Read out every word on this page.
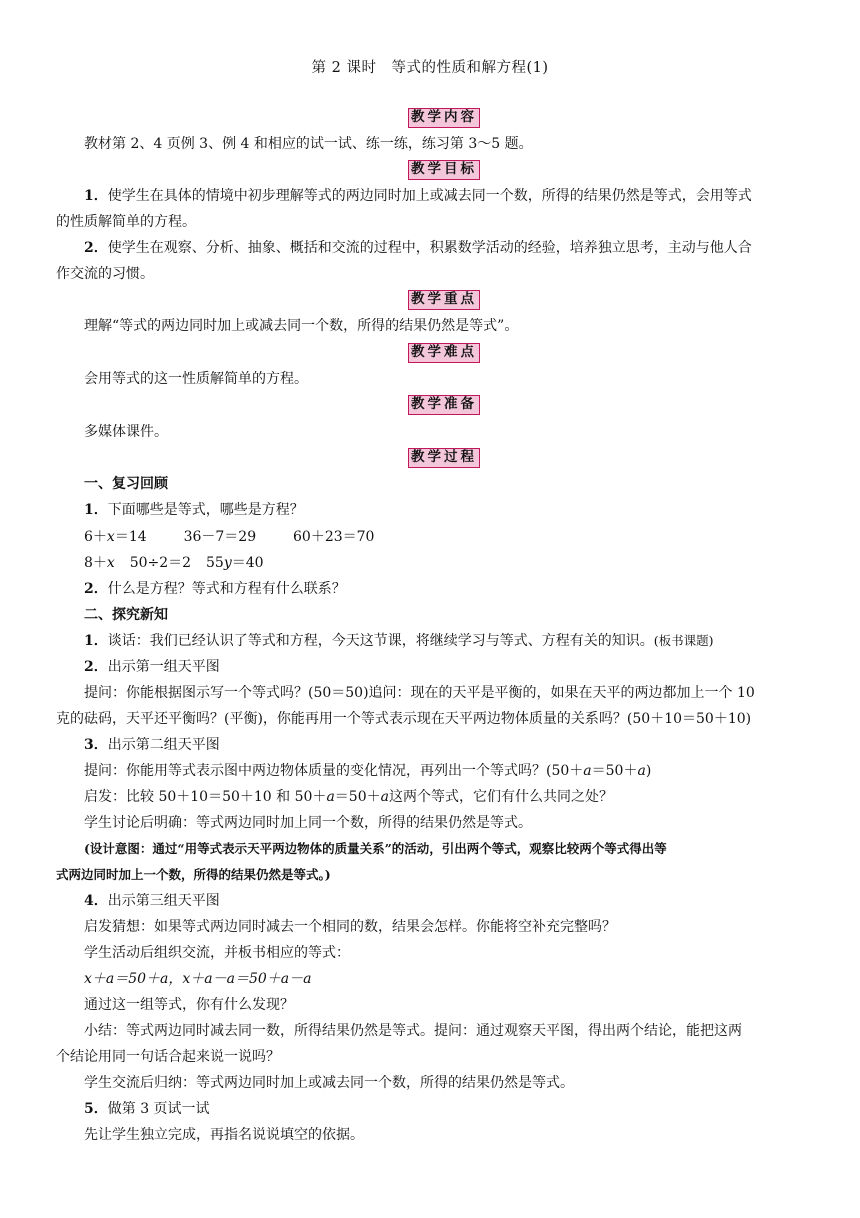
第 2 课时　等式的性质和解方程(1)
教学内容
教材第 2、4 页例 3、例 4 和相应的试一试、练一练，练习第 3～5 题。
教学目标
1．使学生在具体的情境中初步理解等式的两边同时加上或减去同一个数，所得的结果仍然是等式，会用等式
的性质解简单的方程。
2．使学生在观察、分析、抽象、概括和交流的过程中，积累数学活动的经验，培养独立思考，主动与他人合
作交流的习惯。
教学重点
理解“等式的两边同时加上或减去同一个数，所得的结果仍然是等式”。
教学难点
会用等式的这一性质解简单的方程。
教学准备
多媒体课件。
教学过程
一、复习回顾
1．下面哪些是等式，哪些是方程？
6＋x＝14	36－7＝29	60＋23＝70
8＋x 50÷2＝2 55y＝40
2．什么是方程？等式和方程有什么联系？
二、探究新知
1．谈话：我们已经认识了等式和方程，今天这节课，将继续学习与等式、方程有关的知识。(板书课题)
2．出示第一组天平图
提问：你能根据图示写一个等式吗？(50＝50)追问：现在的天平是平衡的，如果在天平的两边都加上一个 10
克的砝码，天平还平衡吗？(平衡)，你能再用一个等式表示现在天平两边物体质量的关系吗？(50＋10＝50＋10)
3．出示第二组天平图
提问：你能用等式表示图中两边物体质量的变化情况，再列出一个等式吗？(50＋a＝50＋a)
启发：比较 50＋10＝50＋10 和 50＋a＝50＋a这两个等式，它们有什么共同之处？
学生讨论后明确：等式两边同时加上同一个数，所得的结果仍然是等式。
(设计意图：通过“用等式表示天平两边物体的质量关系”的活动，引出两个等式，观察比较两个等式得出等
式两边同时加上一个数，所得的结果仍然是等式。)
4．出示第三组天平图
启发猜想：如果等式两边同时减去一个相同的数，结果会怎样。你能将空补充完整吗？
学生活动后组织交流，并板书相应的等式：
x＋a＝50＋a，x＋a－a＝50＋a－a
通过这一组等式，你有什么发现？
小结：等式两边同时减去同一数，所得结果仍然是等式。提问：通过观察天平图，得出两个结论，能把这两
个结论用同一句话合起来说一说吗？
学生交流后归纳：等式两边同时加上或减去同一个数，所得的结果仍然是等式。
5．做第 3 页试一试
先让学生独立完成，再指名说说填空的依据。
